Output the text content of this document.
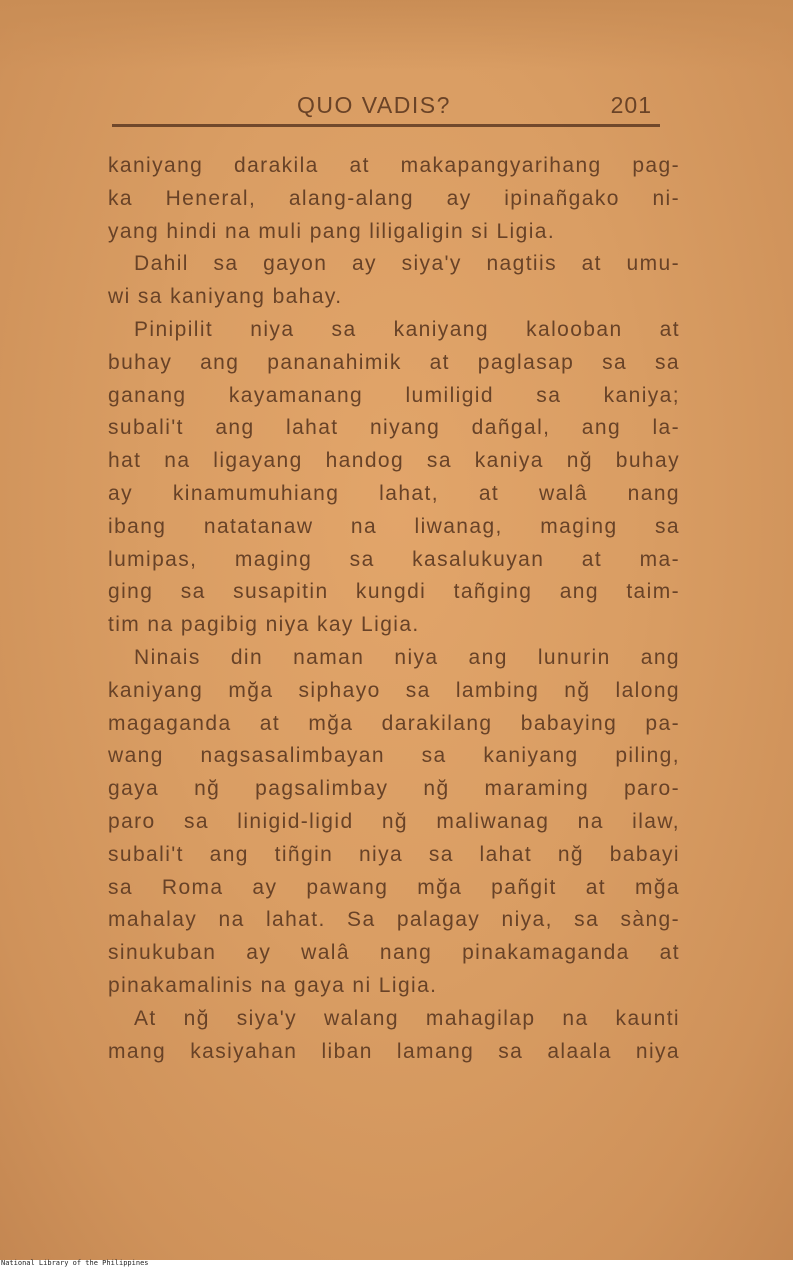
QUO VADIS?	201
kaniyang darakila at makapangyarihang pag-
ka Heneral, alang-alang ay ipinañgako ni-
yang hindi na muli pang liligaligin si Ligia.
Dahil sa gayon ay siya'y nagtiis at umu-
wi sa kaniyang bahay.
Pinipilit niya sa kaniyang kalooban at
buhay ang pananahimik at paglasap sa sa
ganang kayamanang lumiligid sa kaniya;
subali't ang lahat niyang dañgal, ang la-
hat na ligayang handog sa kaniya nğ buhay
ay kinamumuhiang lahat, at walâ nang
ibang natatanaw na liwanag, maging sa
lumipas, maging sa kasalukuyan at ma-
ging sa susapitin kungdi tañging ang taim-
tim na pagibig niya kay Ligia.
Ninais din naman niya ang lunurin ang
kaniyang mğa siphayo sa lambing nğ lalong
magaganda at mğa darakilang babaying pa-
wang nagsasalimbayan sa kaniyang piling,
gaya nğ pagsalimbay nğ maraming paro-
paro sa linigid-ligid nğ maliwanag na ilaw,
subali't ang tiñgin niya sa lahat nğ babayi
sa Roma ay pawang mğa pañgit at mğa
mahalay na lahat. Sa palagay niya, sa sàng-
sinukuban ay walâ nang pinakamaganda at
pinakamalinis na gaya ni Ligia.
At nğ siya'y walang mahagilap na kaunti
mang kasiyahan liban lamang sa alaala niya
National Library of the Philippines
